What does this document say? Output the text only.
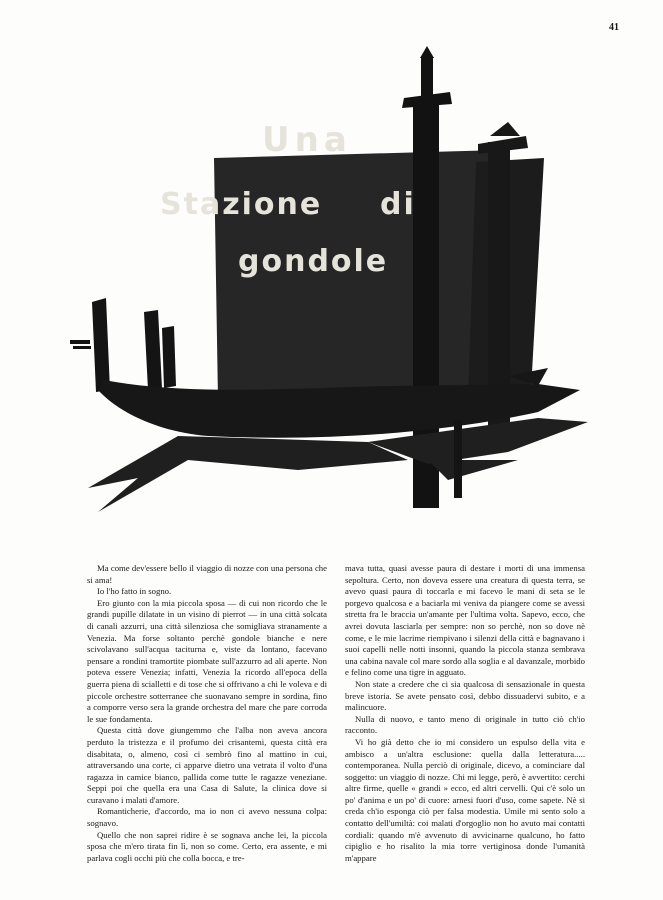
41
Una
Stazione di
gondole

Ma come dev'essere bello il viaggio di nozze con una persona che si ama!

Io l'ho fatto in sogno.

Ero giunto con la mia piccola sposa — di cui non ricordo che le grandi pupille dilatate in un visino di pierrot — in una città solcata di canali azzurri, una città silenziosa che somigliava stranamente a Venezia. Ma forse soltanto perchè gondole bianche e nere scivolavano sull'acqua taciturna e, viste da lontano, facevano pensare a rondini tramortite piombate sull'azzurro ad ali aperte. Non poteva essere Venezia; infatti, Venezia la ricordo all'epoca della guerra piena di scialletti e di tose che si offrivano a chi le voleva e di piccole orchestre sotterranee che suonavano sempre in sordina, fino a comporre verso sera la grande orchestra del mare che pare corroda le sue fondamenta.

Questa città dove giungemmo che l'alba non aveva ancora perduto la tristezza e il profumo dei crisantemi, questa città era disabitata, o, almeno, così ci sembrò fino al mattino in cui, attraversando una corte, ci apparve dietro una vetrata il volto d'una ragazza in camice bianco, pallida come tutte le ragazze veneziane. Seppi poi che quella era una Casa di Salute, la clinica dove si curavano i malati d'amore.

Romanticherie, d'accordo, ma io non ci avevo nessuna colpa: sognavo.

Quello che non saprei ridire è se sognava anche lei, la piccola sposa che m'ero tirata fin lì, non so come. Certo, era assente, e mi parlava cogli occhi più che colla bocca, e tre-

mava tutta, quasi avesse paura di destare i morti di una immensa sepoltura. Certo, non doveva essere una creatura di questa terra, se avevo quasi paura di toccarla e mi facevo le mani di seta se le porgevo qualcosa e a baciarla mi veniva da piangere come se avessi stretta fra le braccia un'amante per l'ultima volta. Sapevo, ecco, che avrei dovuta lasciarla per sempre: non so perchè, non so dove nè come, e le mie lacrime riempivano i silenzi della città e bagnavano i suoi capelli nelle notti insonni, quando la piccola stanza sembrava una cabina navale col mare sordo alla soglia e al davanzale, morbido e felino come una tigre in agguato.

Non state a credere che ci sia qualcosa di sensazionale in questa breve istoria. Se avete pensato così, debbo dissuadervi subito, e a malincuore.

Nulla di nuovo, e tanto meno di originale in tutto ciò ch'io racconto.

Vi ho già detto che io mi considero un espulso della vita e ambisco a un'altra esclusione: quella dalla letteratura..... contemporanea. Nulla perciò di originale, dicevo, a cominciare dal soggetto: un viaggio di nozze. Chi mi legge, però, è avvertito: cerchi altre firme, quelle « grandi » ecco, ed altri cervelli. Qui c'è solo un po' d'anima e un po' di cuore: arnesi fuori d'uso, come sapete. Nè si creda ch'io esponga ciò per falsa modestia. Umile mi sento solo a contatto dell'umiltà: coi malati d'orgoglio non ho avuto mai contatti cordiali: quando m'è avvenuto di avvicinarne qualcuno, ho fatto cipiglio e ho risalito la mia torre vertiginosa donde l'umanità m'appare
